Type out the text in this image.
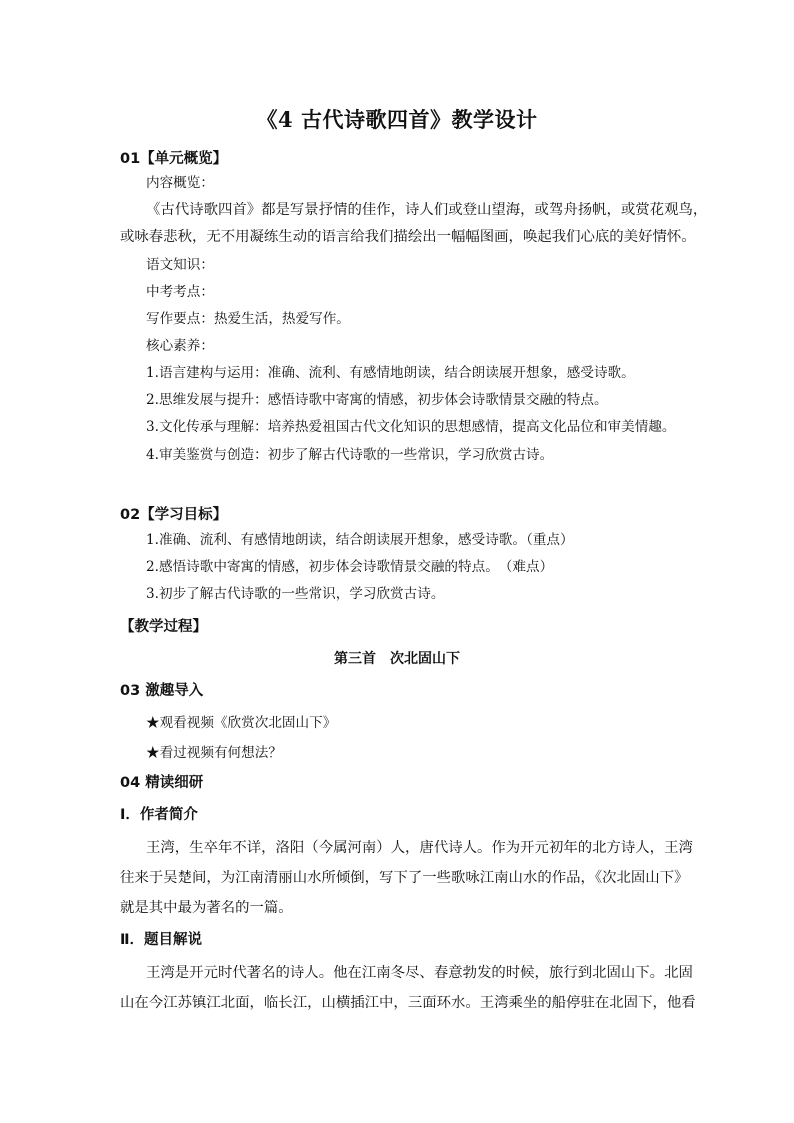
《4 古代诗歌四首》教学设计
01【单元概览】
内容概览：
《古代诗歌四首》都是写景抒情的佳作，诗人们或登山望海，或驾舟扬帆，或赏花观鸟，
或咏春悲秋，无不用凝练生动的语言给我们描绘出一幅幅图画，唤起我们心底的美好情怀。
语文知识：
中考考点：
写作要点：热爱生活，热爱写作。
核心素养：
1.语言建构与运用：准确、流利、有感情地朗读，结合朗读展开想象，感受诗歌。
2.思维发展与提升：感悟诗歌中寄寓的情感，初步体会诗歌情景交融的特点。
3.文化传承与理解：培养热爱祖国古代文化知识的思想感情，提高文化品位和审美情趣。
4.审美鉴赏与创造：初步了解古代诗歌的一些常识，学习欣赏古诗。
02【学习目标】
1.准确、流利、有感情地朗读，结合朗读展开想象，感受诗歌。（重点）
2.感悟诗歌中寄寓的情感，初步体会诗歌情景交融的特点。　（难点）
3.初步了解古代诗歌的一些常识，学习欣赏古诗。
【教学过程】
第三首　次北固山下
03 激趣导入
★观看视频《欣赏次北固山下》
★看过视频有何想法？
04 精读细研
Ⅰ．作者简介
王湾，生卒年不详，洛阳（今属河南）人，唐代诗人。作为开元初年的北方诗人，王湾
往来于吴楚间，为江南清丽山水所倾倒，写下了一些歌咏江南山水的作品，《次北固山下》
就是其中最为著名的一篇。
Ⅱ．题目解说
王湾是开元时代著名的诗人。他在江南冬尽、春意勃发的时候，旅行到北固山下。北固
山在今江苏镇江北面，临长江，山横插江中，三面环水。王湾乘坐的船停驻在北固下，他看
